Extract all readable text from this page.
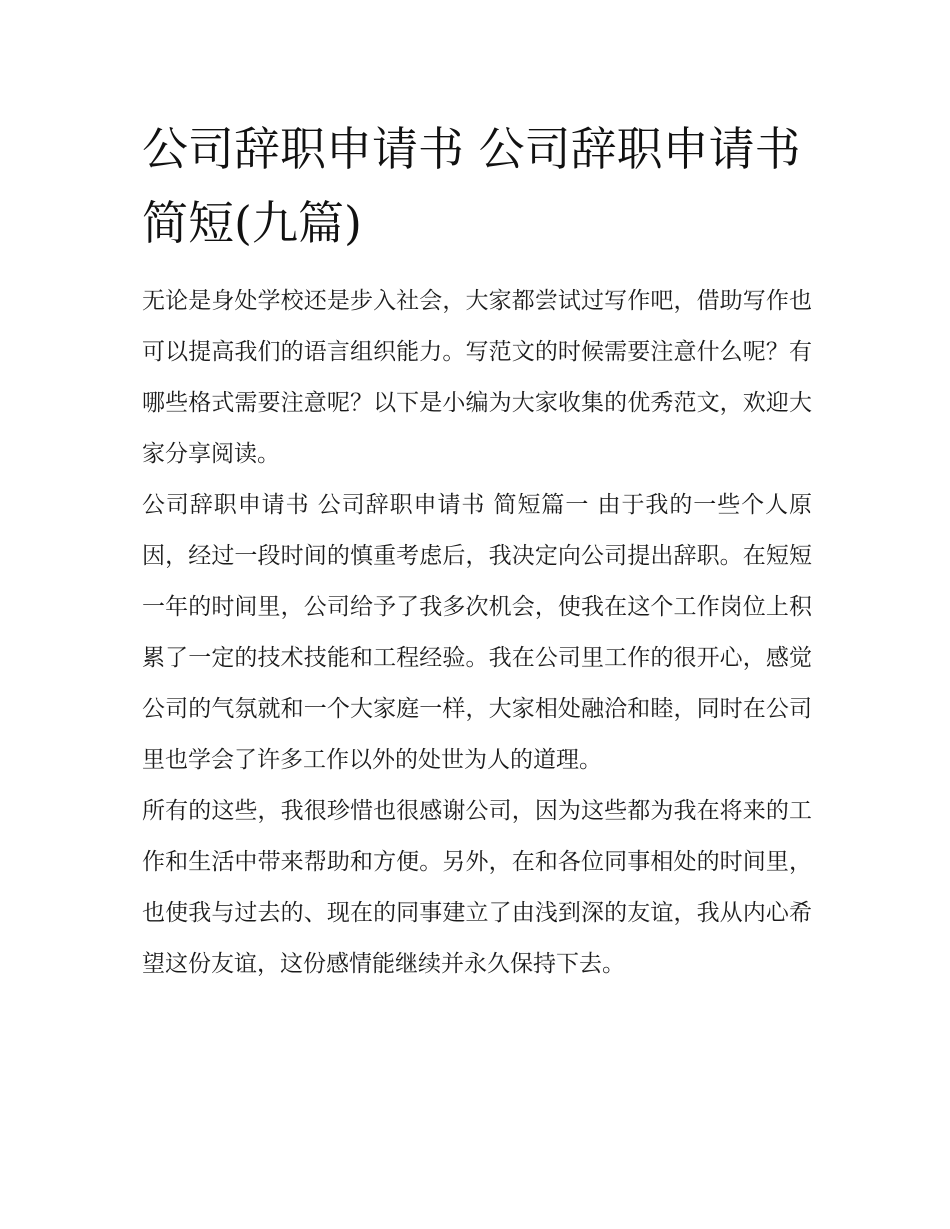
公司辞职申请书 公司辞职申请书 简短(九篇)

无论是身处学校还是步入社会，大家都尝试过写作吧，借助写作也可以提高我们的语言组织能力。写范文的时候需要注意什么呢？有哪些格式需要注意呢？以下是小编为大家收集的优秀范文，欢迎大家分享阅读。

公司辞职申请书 公司辞职申请书 简短篇一 由于我的一些个人原因，经过一段时间的慎重考虑后，我决定向公司提出辞职。在短短一年的时间里，公司给予了我多次机会，使我在这个工作岗位上积累了一定的技术技能和工程经验。我在公司里工作的很开心，感觉公司的气氛就和一个大家庭一样，大家相处融洽和睦，同时在公司里也学会了许多工作以外的处世为人的道理。

所有的这些，我很珍惜也很感谢公司，因为这些都为我在将来的工作和生活中带来帮助和方便。另外，在和各位同事相处的时间里，也使我与过去的、现在的同事建立了由浅到深的友谊，我从内心希望这份友谊，这份感情能继续并永久保持下去。
